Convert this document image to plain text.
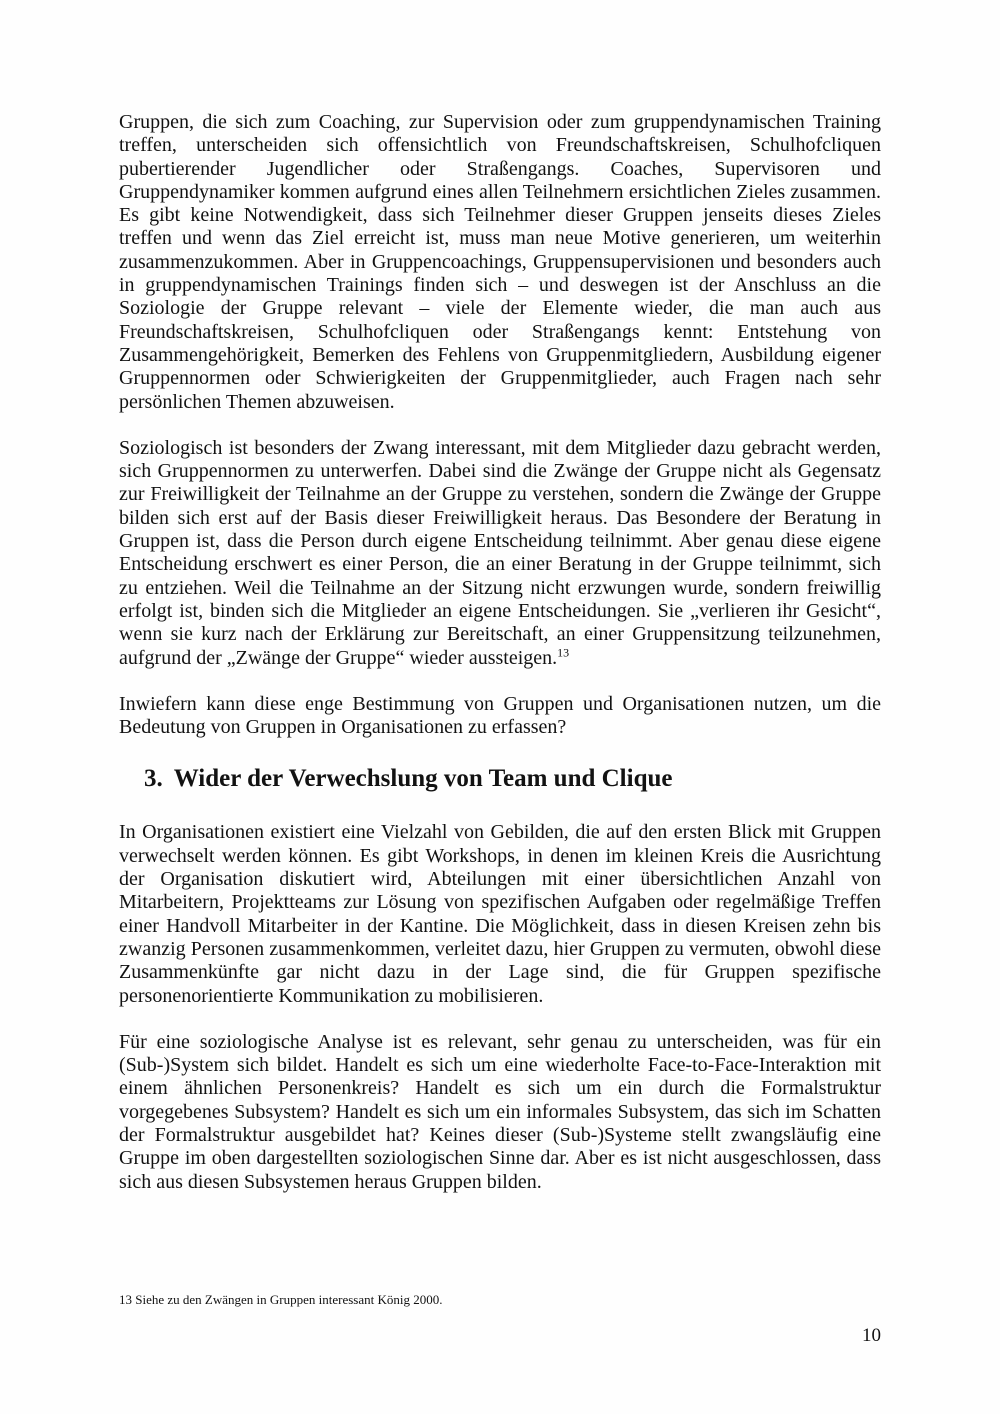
Gruppen, die sich zum Coaching, zur Supervision oder zum gruppendynamischen Training treffen, unterscheiden sich offensichtlich von Freundschaftskreisen, Schulhofcliquen pubertierender Jugendlicher oder Straßengangs. Coaches, Supervisoren und Gruppendynamiker kommen aufgrund eines allen Teilnehmern ersichtlichen Zieles zusammen. Es gibt keine Notwendigkeit, dass sich Teilnehmer dieser Gruppen jenseits dieses Zieles treffen und wenn das Ziel erreicht ist, muss man neue Motive generieren, um weiterhin zusammenzukommen. Aber in Gruppencoachings, Gruppensupervisionen und besonders auch in gruppendynamischen Trainings finden sich – und deswegen ist der Anschluss an die Soziologie der Gruppe relevant – viele der Elemente wieder, die man auch aus Freundschaftskreisen, Schulhofcliquen oder Straßengangs kennt: Entstehung von Zusammengehörigkeit, Bemerken des Fehlens von Gruppenmitgliedern, Ausbildung eigener Gruppennormen oder Schwierigkeiten der Gruppenmitglieder, auch Fragen nach sehr persönlichen Themen abzuweisen.

Soziologisch ist besonders der Zwang interessant, mit dem Mitglieder dazu gebracht werden, sich Gruppennormen zu unterwerfen. Dabei sind die Zwänge der Gruppe nicht als Gegensatz zur Freiwilligkeit der Teilnahme an der Gruppe zu verstehen, sondern die Zwänge der Gruppe bilden sich erst auf der Basis dieser Freiwilligkeit heraus. Das Besondere der Beratung in Gruppen ist, dass die Person durch eigene Entscheidung teilnimmt. Aber genau diese eigene Entscheidung erschwert es einer Person, die an einer Beratung in der Gruppe teilnimmt, sich zu entziehen. Weil die Teilnahme an der Sitzung nicht erzwungen wurde, sondern freiwillig erfolgt ist, binden sich die Mitglieder an eigene Entscheidungen. Sie „verlieren ihr Gesicht“, wenn sie kurz nach der Erklärung zur Bereitschaft, an einer Gruppensitzung teilzunehmen, aufgrund der „Zwänge der Gruppe“ wieder aussteigen.$^{13}$

Inwiefern kann diese enge Bestimmung von Gruppen und Organisationen nutzen, um die Bedeutung von Gruppen in Organisationen zu erfassen?

3. Wider der Verwechslung von Team und Clique

In Organisationen existiert eine Vielzahl von Gebilden, die auf den ersten Blick mit Gruppen verwechselt werden können. Es gibt Workshops, in denen im kleinen Kreis die Ausrichtung der Organisation diskutiert wird, Abteilungen mit einer übersichtlichen Anzahl von Mitarbeitern, Projektteams zur Lösung von spezifischen Aufgaben oder regelmäßige Treffen einer Handvoll Mitarbeiter in der Kantine. Die Möglichkeit, dass in diesen Kreisen zehn bis zwanzig Personen zusammenkommen, verleitet dazu, hier Gruppen zu vermuten, obwohl diese Zusammenkünfte gar nicht dazu in der Lage sind, die für Gruppen spezifische personenorientierte Kommunikation zu mobilisieren.

Für eine soziologische Analyse ist es relevant, sehr genau zu unterscheiden, was für ein (Sub-)System sich bildet. Handelt es sich um eine wiederholte Face-to-Face-Interaktion mit einem ähnlichen Personenkreis? Handelt es sich um ein durch die Formalstruktur vorgegebenes Subsystem? Handelt es sich um ein informales Subsystem, das sich im Schatten der Formalstruktur ausgebildet hat? Keines dieser (Sub-)Systeme stellt zwangsläufig eine Gruppe im oben dargestellten soziologischen Sinne dar. Aber es ist nicht ausgeschlossen, dass sich aus diesen Subsystemen heraus Gruppen bilden.

13 Siehe zu den Zwängen in Gruppen interessant König 2000.
10
